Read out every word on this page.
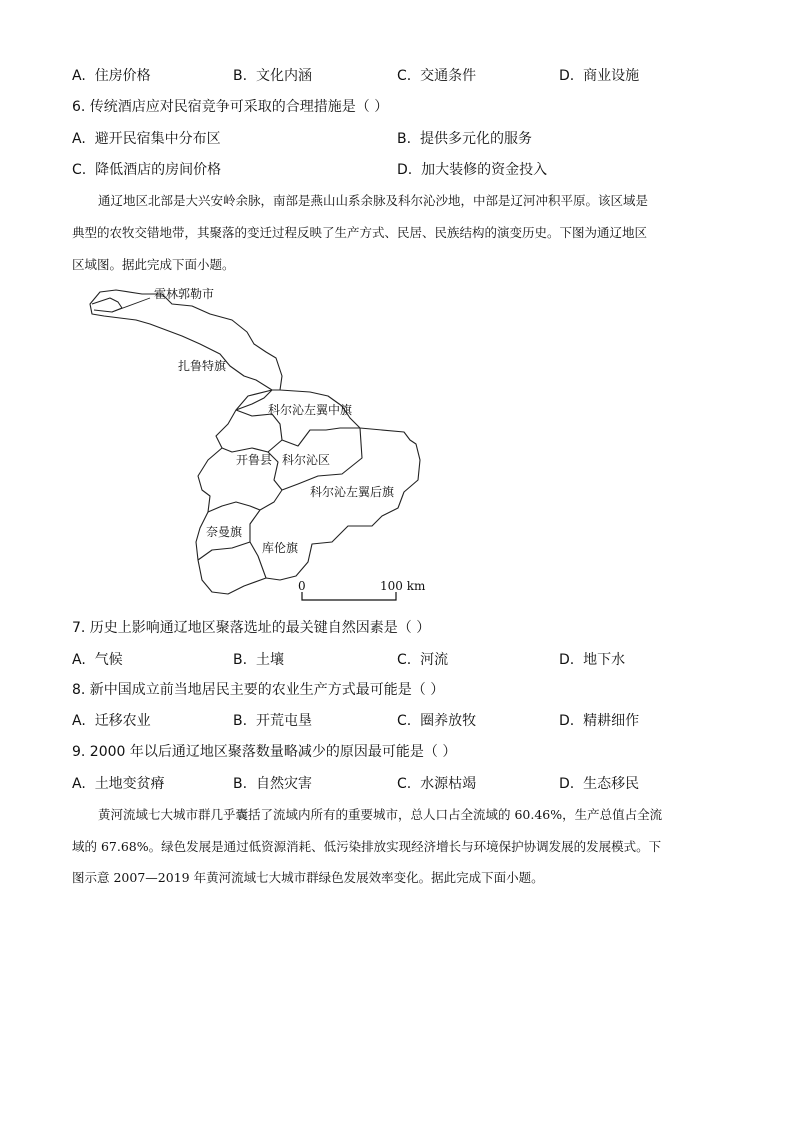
A. 住房价格	B. 文化内涵	C. 交通条件	D. 商业设施
6. 传统酒店应对民宿竞争可采取的合理措施是（ ）
A. 避开民宿集中分布区	B. 提供多元化的服务
C. 降低酒店的房间价格	D. 加大装修的资金投入
通辽地区北部是大兴安岭余脉，南部是燕山山系余脉及科尔沁沙地，中部是辽河冲积平原。该区域是
典型的农牧交错地带，其聚落的变迁过程反映了生产方式、民居、民族结构的演变历史。下图为通辽地区
区域图。据此完成下面小题。
霍林郭勒市
扎鲁特旗
科尔沁左翼中旗
开鲁县 科尔沁区
科尔沁左翼后旗
奈曼旗
库伦旗
0	100 km
7. 历史上影响通辽地区聚落选址的最关键自然因素是（ ）
A. 气候	B. 土壤	C. 河流	D. 地下水
8. 新中国成立前当地居民主要的农业生产方式最可能是（ ）
A. 迁移农业	B. 开荒屯垦	C. 圈养放牧	D. 精耕细作
9. 2000 年以后通辽地区聚落数量略减少的原因最可能是（ ）
A. 土地变贫瘠	B. 自然灾害	C. 水源枯竭	D. 生态移民
黄河流域七大城市群几乎囊括了流域内所有的重要城市，总人口占全流域的 60.46%，生产总值占全流
域的 67.68%。绿色发展是通过低资源消耗、低污染排放实现经济增长与环境保护协调发展的发展模式。下
图示意 2007—2019 年黄河流域七大城市群绿色发展效率变化。据此完成下面小题。
